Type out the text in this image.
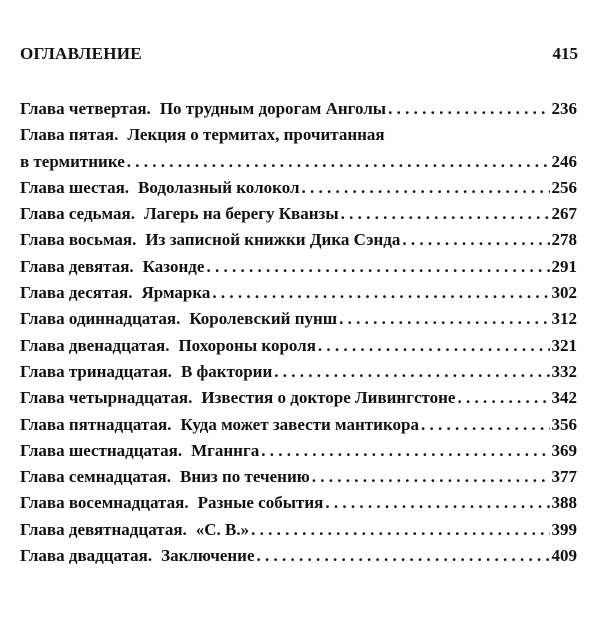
ОГЛАВЛЕНИЕ	415
Глава четвертая. По трудным дорогам Анголы . . .	236
Глава пятая. Лекция о термитах, прочитанная
в термитнике . . .	246
Глава шестая. Водолазный колокол . . .	256
Глава седьмая. Лагерь на берегу Кванзы . . .	267
Глава восьмая. Из записной книжки Дика Сэнда . . .	278
Глава девятая. Казонде . . .	291
Глава десятая. Ярмарка . . .	302
Глава одиннадцатая. Королевский пунш . . .	312
Глава двенадцатая. Похороны короля . . .	321
Глава тринадцатая. В фактории . . .	332
Глава четырнадцатая. Известия о докторе Ливингстоне . . .	342
Глава пятнадцатая. Куда может завести мантикора . . .	356
Глава шестнадцатая. Мганнга . . .	369
Глава семнадцатая. Вниз по течению . . .	377
Глава восемнадцатая. Разные события . . .	388
Глава девятнадцатая. «С. В.» . . .	399
Глава двадцатая. Заключение . . .	409
